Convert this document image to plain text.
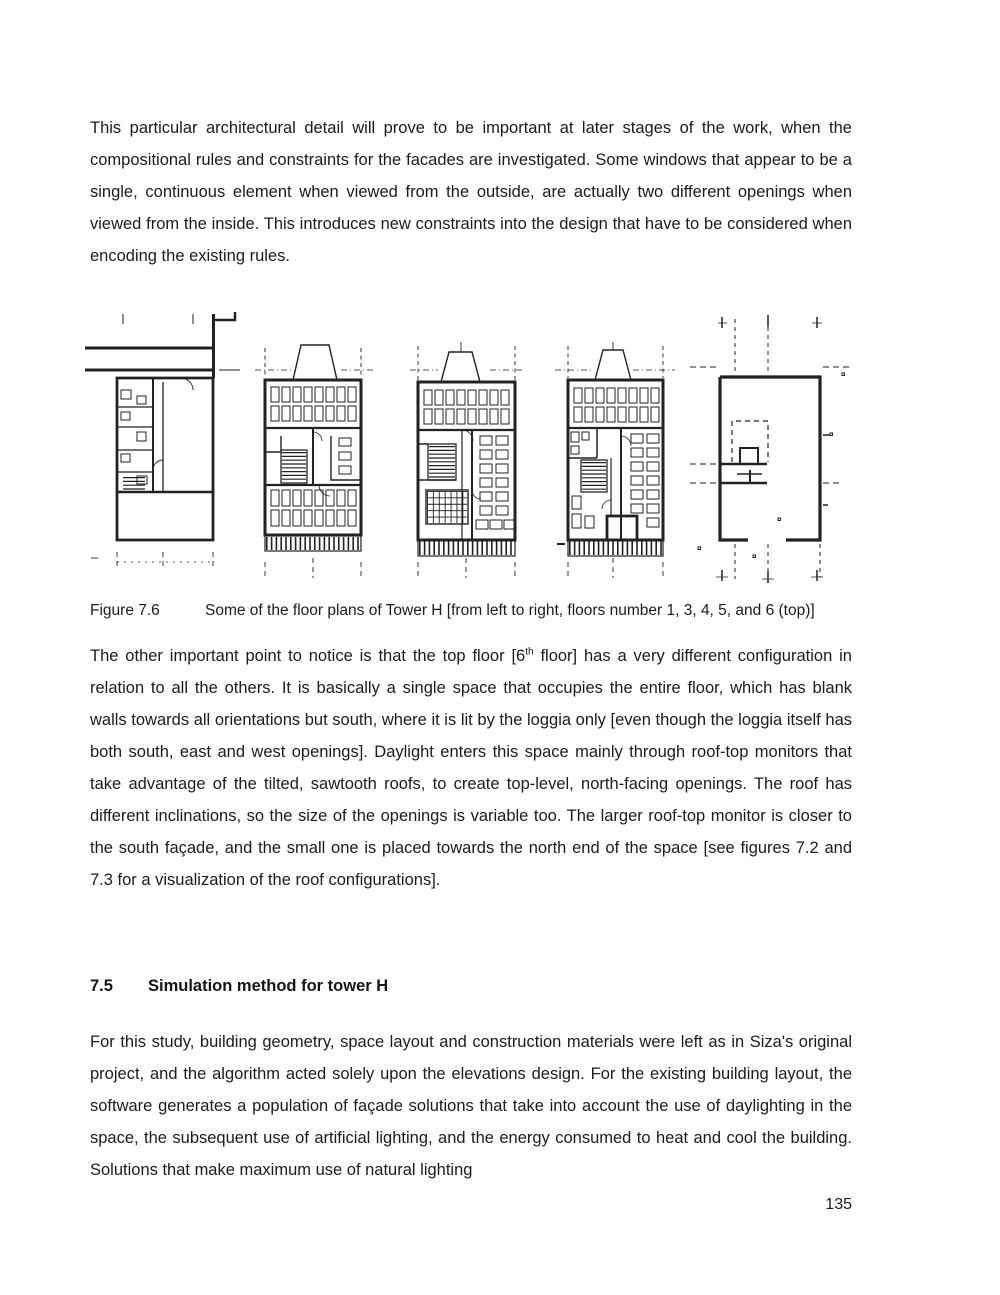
This particular architectural detail will prove to be important at later stages of the work, when the compositional rules and constraints for the facades are investigated. Some windows that appear to be a single, continuous element when viewed from the outside, are actually two different openings when viewed from the inside. This introduces new constraints into the design that have to be considered when encoding the existing rules.

Figure 7.6	Some of the floor plans of Tower H [from left to right, floors number 1, 3, 4, 5, and 6 (top)]

The other important point to notice is that the top floor [6th floor] has a very different configuration in relation to all the others. It is basically a single space that occupies the entire floor, which has blank walls towards all orientations but south, where it is lit by the loggia only [even though the loggia itself has both south, east and west openings]. Daylight enters this space mainly through roof-top monitors that take advantage of the tilted, sawtooth roofs, to create top-level, north-facing openings. The roof has different inclinations, so the size of the openings is variable too. The larger roof-top monitor is closer to the south façade, and the small one is placed towards the north end of the space [see figures 7.2 and 7.3 for a visualization of the roof configurations].

7.5 Simulation method for tower H

For this study, building geometry, space layout and construction materials were left as in Siza's original project, and the algorithm acted solely upon the elevations design. For the existing building layout, the software generates a population of façade solutions that take into account the use of daylighting in the space, the subsequent use of artificial lighting, and the energy consumed to heat and cool the building. Solutions that make maximum use of natural lighting

135
